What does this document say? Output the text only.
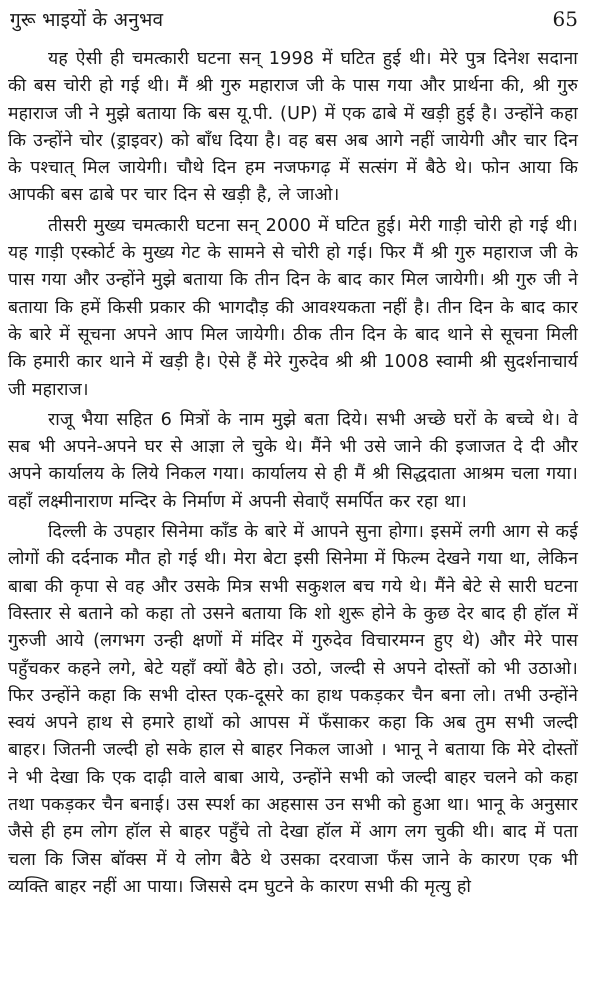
गुरू भाइयों के अनुभव	65

यह ऐसी ही चमत्कारी घटना सन् 1998 में घटित हुई थी। मेरे पुत्र दिनेश सदाना की बस चोरी हो गई थी। मैं श्री गुरु महाराज जी के पास गया और प्रार्थना की, श्री गुरु महाराज जी ने मुझे बताया कि बस यू.पी. (UP) में एक ढाबे में खड़ी हुई है। उन्होंने कहा कि उन्होंने चोर (ड्राइवर) को बाँध दिया है। वह बस अब आगे नहीं जायेगी और चार दिन के पश्चात् मिल जायेगी। चौथे दिन हम नजफगढ़ में सत्संग में बैठे थे। फोन आया कि आपकी बस ढाबे पर चार दिन से खड़ी है, ले जाओ।

तीसरी मुख्य चमत्कारी घटना सन् 2000 में घटित हुई। मेरी गाड़ी चोरी हो गई थी। यह गाड़ी एस्कोर्ट के मुख्य गेट के सामने से चोरी हो गई। फिर मैं श्री गुरु महाराज जी के पास गया और उन्होंने मुझे बताया कि तीन दिन के बाद कार मिल जायेगी। श्री गुरु जी ने बताया कि हमें किसी प्रकार की भागदौड़ की आवश्यकता नहीं है। तीन दिन के बाद कार के बारे में सूचना अपने आप मिल जायेगी। ठीक तीन दिन के बाद थाने से सूचना मिली कि हमारी कार थाने में खड़ी है। ऐसे हैं मेरे गुरुदेव श्री श्री 1008 स्वामी श्री सुदर्शनाचार्य जी महाराज।

राजू भैया सहित 6 मित्रों के नाम मुझे बता दिये। सभी अच्छे घरों के बच्चे थे। वे सब भी अपने-अपने घर से आज्ञा ले चुके थे। मैंने भी उसे जाने की इजाजत दे दी और अपने कार्यालय के लिये निकल गया। कार्यालय से ही मैं श्री सिद्धदाता आश्रम चला गया। वहाँ लक्ष्मीनाराण मन्दिर के निर्माण में अपनी सेवाएँ समर्पित कर रहा था।

दिल्ली के उपहार सिनेमा काँड के बारे में आपने सुना होगा। इसमें लगी आग से कई लोगों की दर्दनाक मौत हो गई थी। मेरा बेटा इसी सिनेमा में फिल्म देखने गया था, लेकिन बाबा की कृपा से वह और उसके मित्र सभी सकुशल बच गये थे। मैंने बेटे से सारी घटना विस्तार से बताने को कहा तो उसने बताया कि शो शुरू होने के कुछ देर बाद ही हॉल में गुरुजी आये (लगभग उन्ही क्षणों में मंदिर में गुरुदेव विचारमग्न हुए थे) और मेरे पास पहुँचकर कहने लगे, बेटे यहाँ क्यों बैठे हो। उठो, जल्दी से अपने दोस्तों को भी उठाओ। फिर उन्होंने कहा कि सभी दोस्त एक-दूसरे का हाथ पकड़कर चैन बना लो। तभी उन्होंने स्वयं अपने हाथ से हमारे हाथों को आपस में फँसाकर कहा कि अब तुम सभी जल्दी बाहर। जितनी जल्दी हो सके हाल से बाहर निकल जाओ । भानू ने बताया कि मेरे दोस्तों ने भी देखा कि एक दाढ़ी वाले बाबा आये, उन्होंने सभी को जल्दी बाहर चलने को कहा तथा पकड़कर चैन बनाई। उस स्पर्श का अहसास उन सभी को हुआ था। भानू के अनुसार जैसे ही हम लोग हॉल से बाहर पहुँचे तो देखा हॉल में आग लग चुकी थी। बाद में पता चला कि जिस बॉक्स में ये लोग बैठे थे उसका दरवाजा फँस जाने के कारण एक भी व्यक्ति बाहर नहीं आ पाया। जिससे दम घुटने के कारण सभी की मृत्यु हो
